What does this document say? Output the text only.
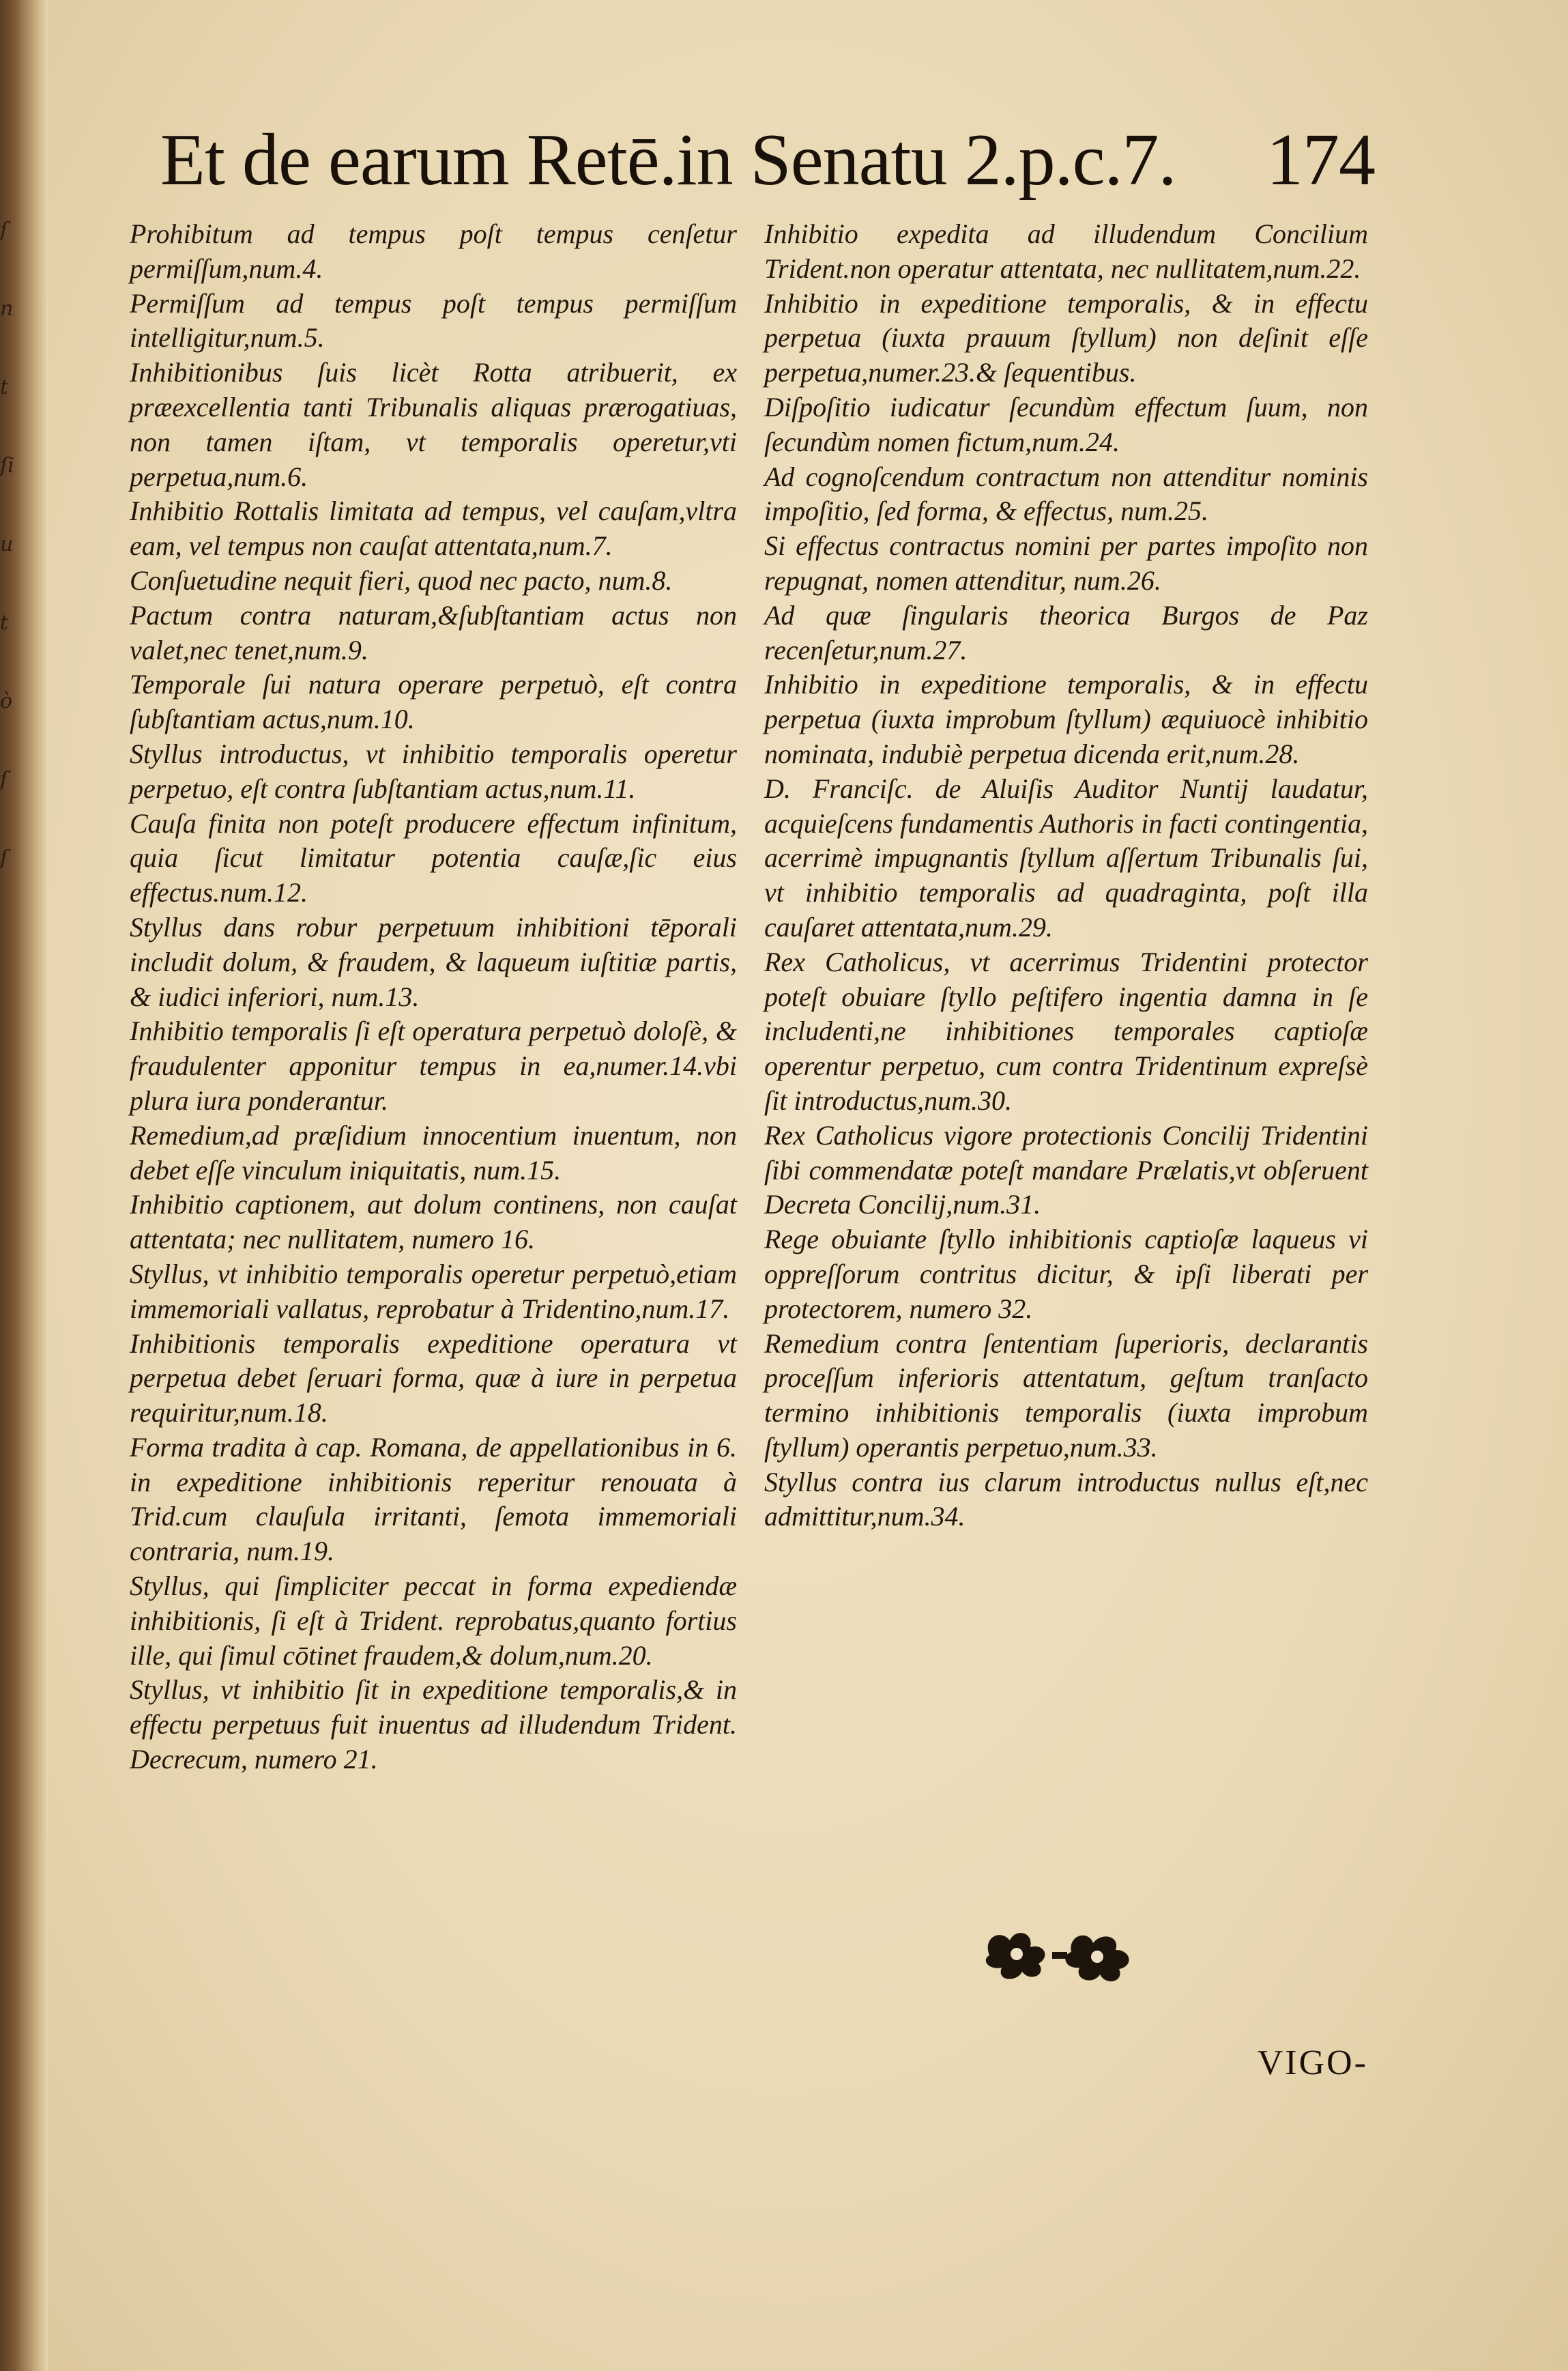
ſ
n
t
ſi
u
t
ò
ſ
ſ
Et de earum Retē.in Senatu 2.p.c.7. 174

Prohibitum ad tempus poſt tempus cenſetur permiſſum,num.4.

Permiſſum ad tempus poſt tempus permiſſum intelligitur,num.5.

Inhibitionibus ſuis licèt Rotta atribuerit, ex præexcellentia tanti Tribunalis aliquas prærogatiuas, non tamen iſtam, vt temporalis operetur,vti perpetua,num.6.

Inhibitio Rottalis limitata ad tempus, vel cauſam,vltra eam, vel tempus non cauſat attentata,num.7.

Conſuetudine nequit fieri, quod nec pacto, num.8.

Pactum contra naturam,&ſubſtantiam actus non valet,nec tenet,num.9.

Temporale ſui natura operare perpetuò, eſt contra ſubſtantiam actus,num.10.

Styllus introductus, vt inhibitio temporalis operetur perpetuo, eſt contra ſubſtantiam actus,num.11.

Cauſa finita non poteſt producere effectum infinitum, quia ſicut limitatur potentia cauſæ,ſic eius effectus.num.12.

Styllus dans robur perpetuum inhibitioni tēporali includit dolum, & fraudem, & laqueum iuſtitiæ partis, & iudici inferiori, num.13.

Inhibitio temporalis ſi eſt operatura perpetuò doloſè, & fraudulenter apponitur tempus in ea,numer.14.vbi plura iura ponderantur.

Remedium,ad præſidium innocentium inuentum, non debet eſſe vinculum iniquitatis, num.15.

Inhibitio captionem, aut dolum continens, non cauſat attentata; nec nullitatem, numero 16.

Styllus, vt inhibitio temporalis operetur perpetuò,etiam immemoriali vallatus, reprobatur à Tridentino,num.17.

Inhibitionis temporalis expeditione operatura vt perpetua debet ſeruari forma, quæ à iure in perpetua requiritur,num.18.

Forma tradita à cap. Romana, de appellationibus in 6. in expeditione inhibitionis reperitur renouata à Trid.cum clauſula irritanti, ſemota immemoriali contraria, num.19.

Styllus, qui ſimpliciter peccat in forma expediendæ inhibitionis, ſi eſt à Trident. reprobatus,quanto fortius ille, qui ſimul cōtinet fraudem,& dolum,num.20.

Styllus, vt inhibitio ſit in expeditione temporalis,& in effectu perpetuus fuit inuentus ad illudendum Trident. Decrecum, numero 21.

Inhibitio expedita ad illudendum Concilium Trident.non operatur attentata, nec nullitatem,num.22.

Inhibitio in expeditione temporalis, & in effectu perpetua (iuxta prauum ſtyllum) non deſinit eſſe perpetua,numer.23.& ſequentibus.

Diſpoſitio iudicatur ſecundùm effectum ſuum, non ſecundùm nomen fictum,num.24.

Ad cognoſcendum contractum non attenditur nominis impoſitio, ſed forma, & effectus, num.25.

Si effectus contractus nomini per partes impoſito non repugnat, nomen attenditur, num.26.

Ad quæ ſingularis theorica Burgos de Paz recenſetur,num.27.

Inhibitio in expeditione temporalis, & in effectu perpetua (iuxta improbum ſtyllum) æquiuocè inhibitio nominata, indubiè perpetua dicenda erit,num.28.

D. Franciſc. de Aluiſis Auditor Nuntij laudatur, acquieſcens fundamentis Authoris in facti contingentia, acerrimè impugnantis ſtyllum aſſertum Tribunalis ſui, vt inhibitio temporalis ad quadraginta, poſt illa cauſaret attentata,num.29.

Rex Catholicus, vt acerrimus Tridentini protector poteſt obuiare ſtyllo peſtifero ingentia damna in ſe includenti,ne inhibitiones temporales captioſæ operentur perpetuo, cum contra Tridentinum expreſsè ſit introductus,num.30.

Rex Catholicus vigore protectionis Concilij Tridentini ſibi commendatæ poteſt mandare Prælatis,vt obſeruent Decreta Concilij,num.31.

Rege obuiante ſtyllo inhibitionis captioſæ laqueus vi oppreſſorum contritus dicitur, & ipſi liberati per protectorem, numero 32.

Remedium contra ſententiam ſuperioris, declarantis proceſſum inferioris attentatum, geſtum tranſacto termino inhibitionis temporalis (iuxta improbum ſtyllum) operantis perpetuo,num.33.

Styllus contra ius clarum introductus nullus eſt,nec admittitur,num.34.

VIGO-
